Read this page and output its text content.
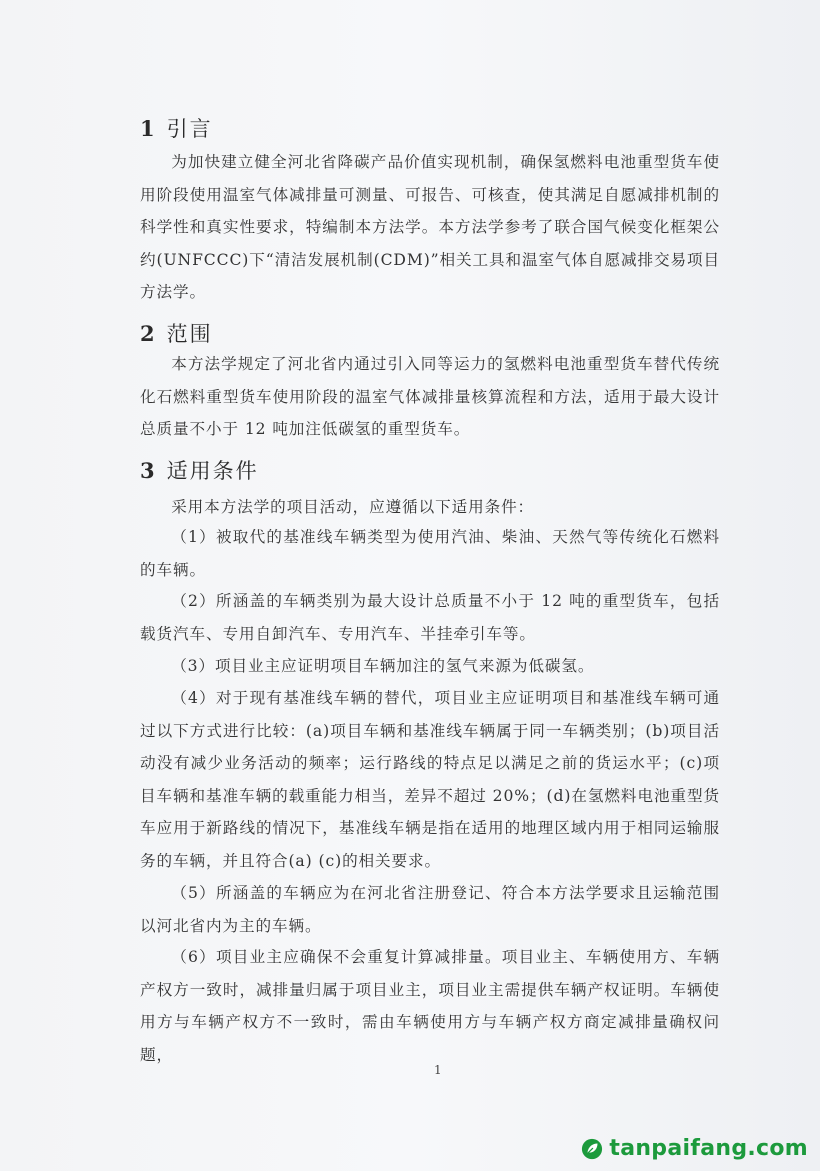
1 引言

为加快建立健全河北省降碳产品价值实现机制，确保氢燃料电池重型货车使用阶段使用温室气体减排量可测量、可报告、可核查，使其满足自愿减排机制的科学性和真实性要求，特编制本方法学。本方法学参考了联合国气候变化框架公约(UNFCCC)下“清洁发展机制(CDM)”相关工具和温室气体自愿减排交易项目方法学。

2 范围

本方法学规定了河北省内通过引入同等运力的氢燃料电池重型货车替代传统化石燃料重型货车使用阶段的温室气体减排量核算流程和方法，适用于最大设计总质量不小于 12 吨加注低碳氢的重型货车。

3 适用条件

采用本方法学的项目活动，应遵循以下适用条件：

（1）被取代的基准线车辆类型为使用汽油、柴油、天然气等传统化石燃料的车辆。

（2）所涵盖的车辆类别为最大设计总质量不小于 12 吨的重型货车，包括载货汽车、专用自卸汽车、专用汽车、半挂牵引车等。

（3）项目业主应证明项目车辆加注的氢气来源为低碳氢。

（4）对于现有基准线车辆的替代，项目业主应证明项目和基准线车辆可通过以下方式进行比较：(a)项目车辆和基准线车辆属于同一车辆类别；(b)项目活动没有减少业务活动的频率；运行路线的特点足以满足之前的货运水平；(c)项目车辆和基准车辆的载重能力相当，差异不超过 20%；(d)在氢燃料电池重型货车应用于新路线的情况下，基准线车辆是指在适用的地理区域内用于相同运输服务的车辆，并且符合(a) (c)的相关要求。

（5）所涵盖的车辆应为在河北省注册登记、符合本方法学要求且运输范围以河北省内为主的车辆。

（6）项目业主应确保不会重复计算减排量。项目业主、车辆使用方、车辆产权方一致时，减排量归属于项目业主，项目业主需提供车辆产权证明。车辆使用方与车辆产权方不一致时，需由车辆使用方与车辆产权方商定减排量确权问题，

1
tanpaifang.com
